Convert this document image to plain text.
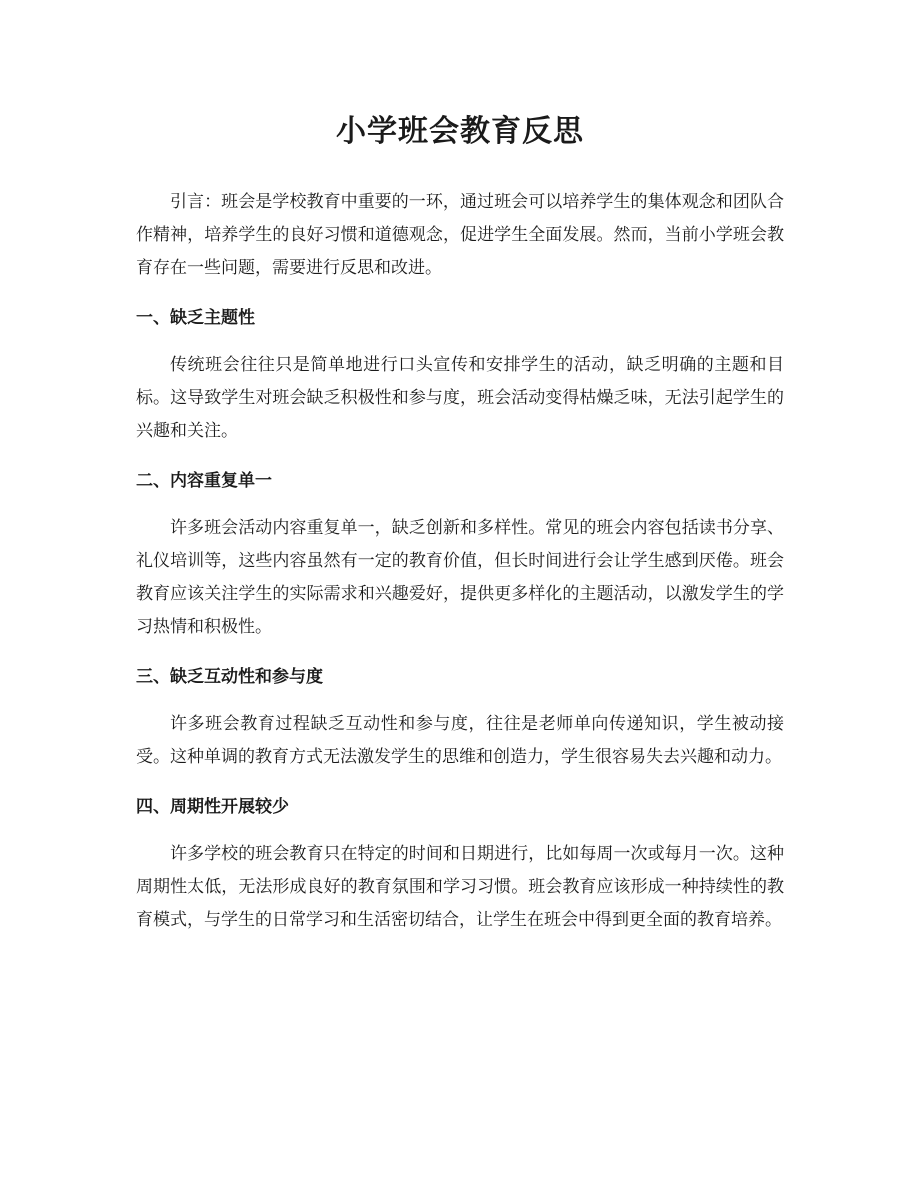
小学班会教育反思

引言：班会是学校教育中重要的一环，通过班会可以培养学生的集体观念和团队合作精神，培养学生的良好习惯和道德观念，促进学生全面发展。然而，当前小学班会教育存在一些问题，需要进行反思和改进。

一、缺乏主题性

传统班会往往只是简单地进行口头宣传和安排学生的活动，缺乏明确的主题和目标。这导致学生对班会缺乏积极性和参与度，班会活动变得枯燥乏味，无法引起学生的兴趣和关注。

二、内容重复单一

许多班会活动内容重复单一，缺乏创新和多样性。常见的班会内容包括读书分享、礼仪培训等，这些内容虽然有一定的教育价值，但长时间进行会让学生感到厌倦。班会教育应该关注学生的实际需求和兴趣爱好，提供更多样化的主题活动，以激发学生的学习热情和积极性。

三、缺乏互动性和参与度

许多班会教育过程缺乏互动性和参与度，往往是老师单向传递知识，学生被动接受。这种单调的教育方式无法激发学生的思维和创造力，学生很容易失去兴趣和动力。

四、周期性开展较少

许多学校的班会教育只在特定的时间和日期进行，比如每周一次或每月一次。这种周期性太低，无法形成良好的教育氛围和学习习惯。班会教育应该形成一种持续性的教育模式，与学生的日常学习和生活密切结合，让学生在班会中得到更全面的教育培养。
